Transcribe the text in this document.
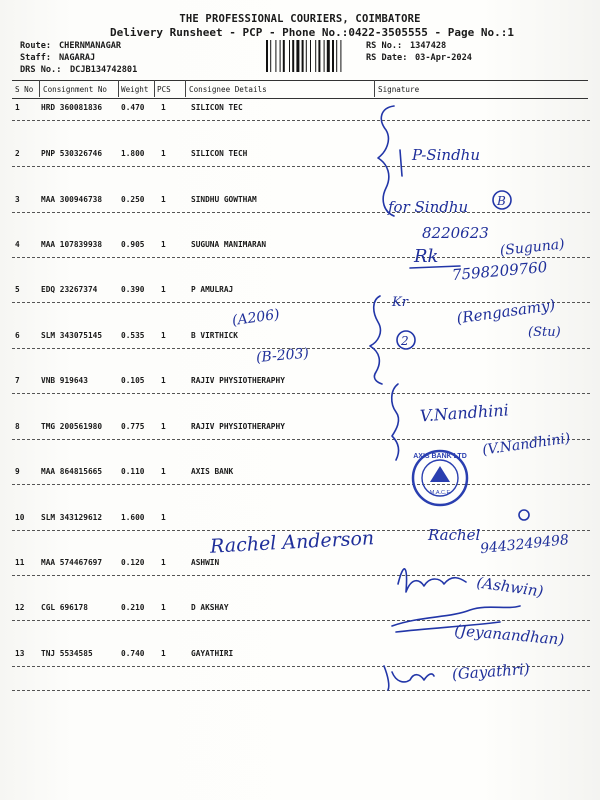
THE PROFESSIONAL COURIERS, COIMBATORE
Delivery Runsheet - PCP - Phone No.:0422-3505555 - Page No.:1
Route: CHERNMANAGAR
Staff: NAGARAJ
DRS No.: DCJB134742801
RS No.: 1347428
RS Date: 03-Apr-2024
S No Consignment No Weight PCS Consignee Details	Signature
1	HRD 360081836 0.470 1	SILICON TEC
2	PNP 530326746 1.800 1	SILICON TECH
3	MAA 300946738 0.250 1	SINDHU GOWTHAM
4	MAA 107839938 0.905 1	SUGUNA MANIMARAN
5	EDQ 23267374	0.390 1	P AMULRAJ
6	SLM 343075145 0.535 1	B VIRTHICK
7	VNB 919643	0.105 1	RAJIV PHYSIOTHERAPHY
8	TMG 200561980 0.775 1	RAJIV PHYSIOTHERAPHY
9	MAA 864815665 0.110 1	AXIS BANK
10 SLM 343129612 1.600 1
11 MAA 574467697 0.120 1	ASHWIN
12 CGL 696178	0.210 1	D AKSHAY
13 TNJ 5534585	0.740 1	GAYATHIRI
P-Sindhu
for Sindhu B
8220623
(Suguna)
Rk
7598209760
(A206)
(B-203)
Kr
2
(Rengasamy)
(Stu)
V.Nandhini
(V.Nandhini)
AXIS BANK LTD
M.A.C.E
Rachel Anderson	Rachel 9443249498
(Ashwin)
(Jeyanandhan)
(Gayathri)
